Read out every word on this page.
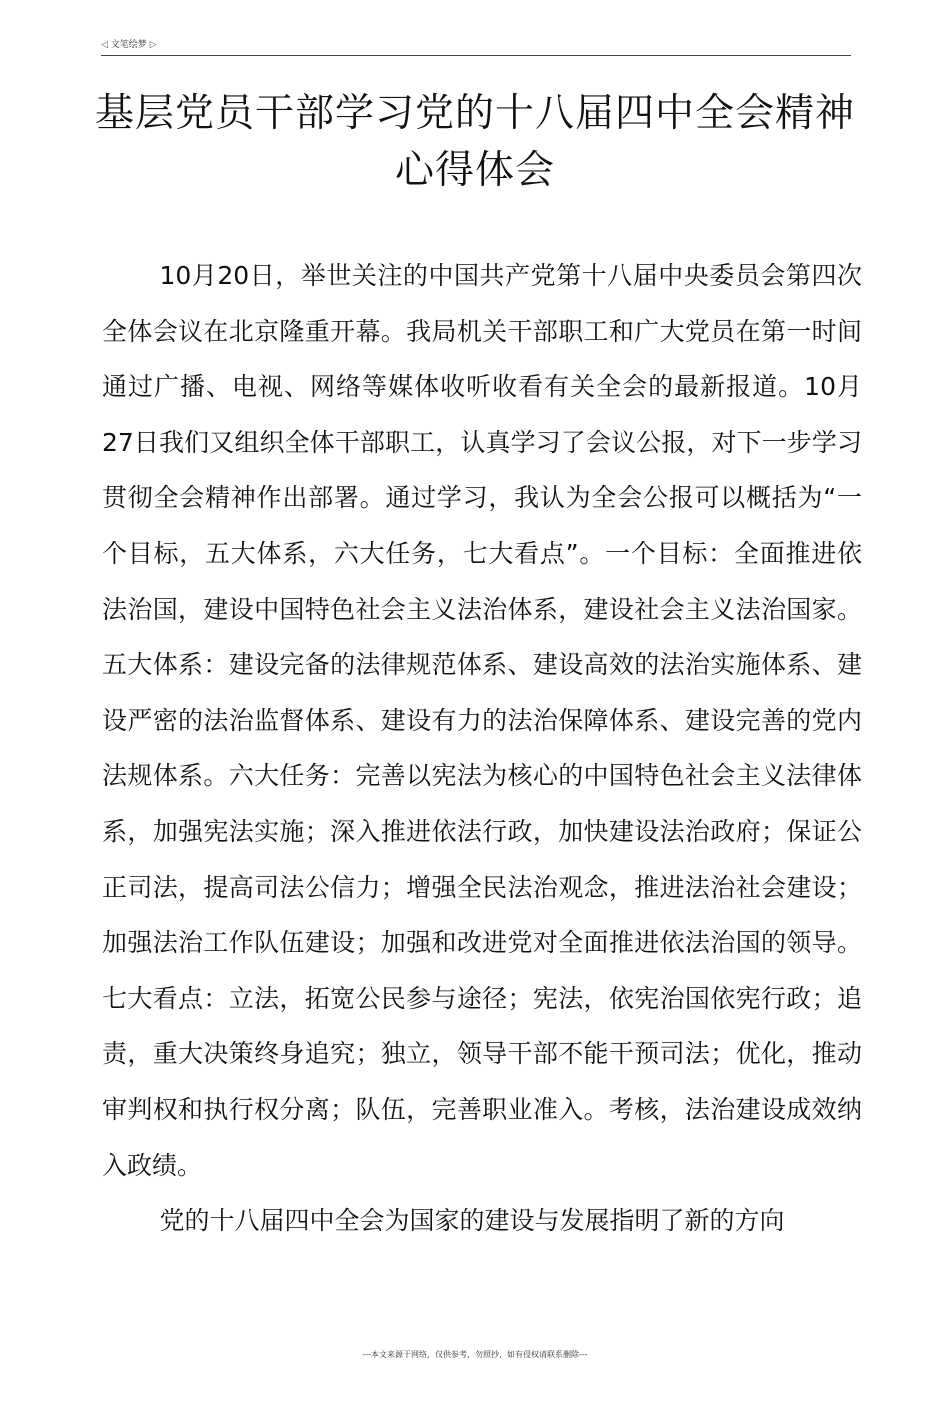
◁ 文笔绘梦 ▷
基层党员干部学习党的十八届四中全会精神心得体会

10月20日，举世关注的中国共产党第十八届中央委员会第四次全体会议在北京隆重开幕。我局机关干部职工和广大党员在第一时间通过广播、电视、网络等媒体收听收看有关全会的最新报道。10月27日我们又组织全体干部职工，认真学习了会议公报，对下一步学习贯彻全会精神作出部署。通过学习，我认为全会公报可以概括为“一个目标，五大体系，六大任务，七大看点”。一个目标：全面推进依法治国，建设中国特色社会主义法治体系，建设社会主义法治国家。五大体系：建设完备的法律规范体系、建设高效的法治实施体系、建设严密的法治监督体系、建设有力的法治保障体系、建设完善的党内法规体系。六大任务：完善以宪法为核心的中国特色社会主义法律体系，加强宪法实施；深入推进依法行政，加快建设法治政府；保证公正司法，提高司法公信力；增强全民法治观念，推进法治社会建设；加强法治工作队伍建设；加强和改进党对全面推进依法治国的领导。七大看点：立法，拓宽公民参与途径；宪法，依宪治国依宪行政；追责，重大决策终身追究；独立，领导干部不能干预司法；优化，推动审判权和执行权分离；队伍，完善职业准入。考核，法治建设成效纳入政绩。

党的十八届四中全会为国家的建设与发展指明了新的方向

---本文来源于网络，仅供参考，勿照抄，如有侵权请联系删除---
